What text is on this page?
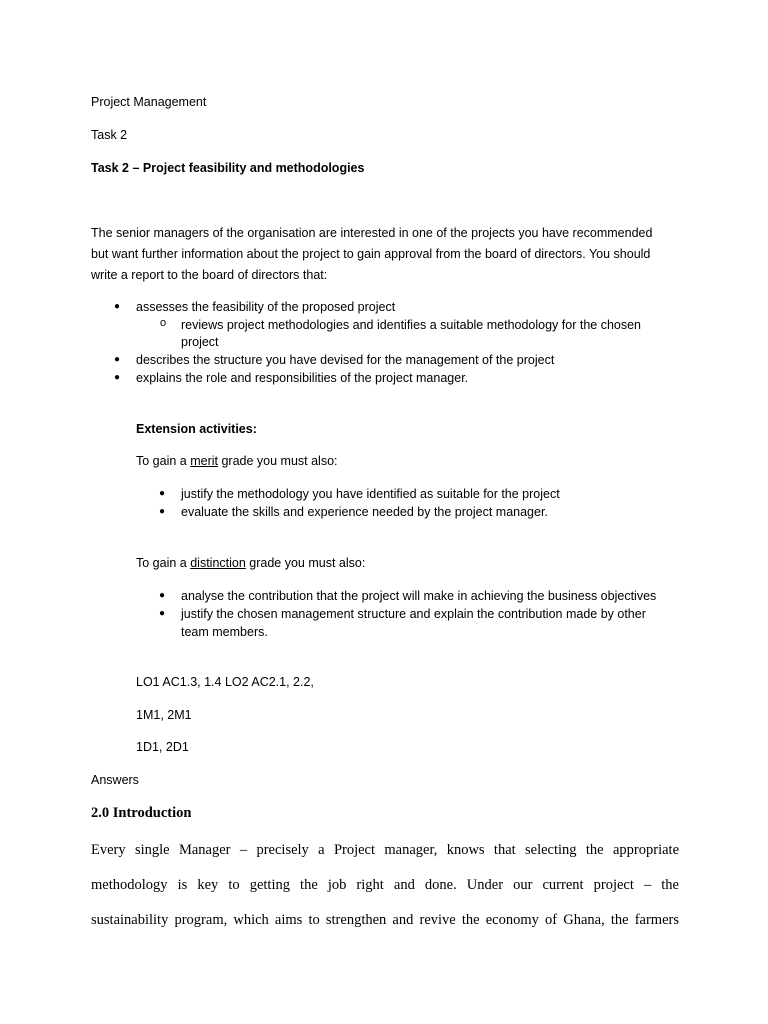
Project Management
Task 2
Task 2 – Project feasibility and methodologies
The senior managers of the organisation are interested in one of the projects you have recommended
but want further information about the project to gain approval from the board of directors. You should
write a report to the board of directors that:
● assesses the feasibility of the proposed project
o reviews project methodologies and identifies a suitable methodology for the chosen
project
● describes the structure you have devised for the management of the project
● explains the role and responsibilities of the project manager.
Extension activities:
To gain a merit grade you must also:
● justify the methodology you have identified as suitable for the project
● evaluate the skills and experience needed by the project manager.
To gain a distinction grade you must also:
● analyse the contribution that the project will make in achieving the business objectives
● justify the chosen management structure and explain the contribution made by other
team members.
LO1 AC1.3, 1.4 LO2 AC2.1, 2.2,
1M1, 2M1
1D1, 2D1
Answers
2.0 Introduction
Every single Manager – precisely a Project manager, knows that selecting the appropriate
methodology is key to getting the job right and done. Under our current project – the
sustainability program, which aims to strengthen and revive the economy of Ghana, the farmers
